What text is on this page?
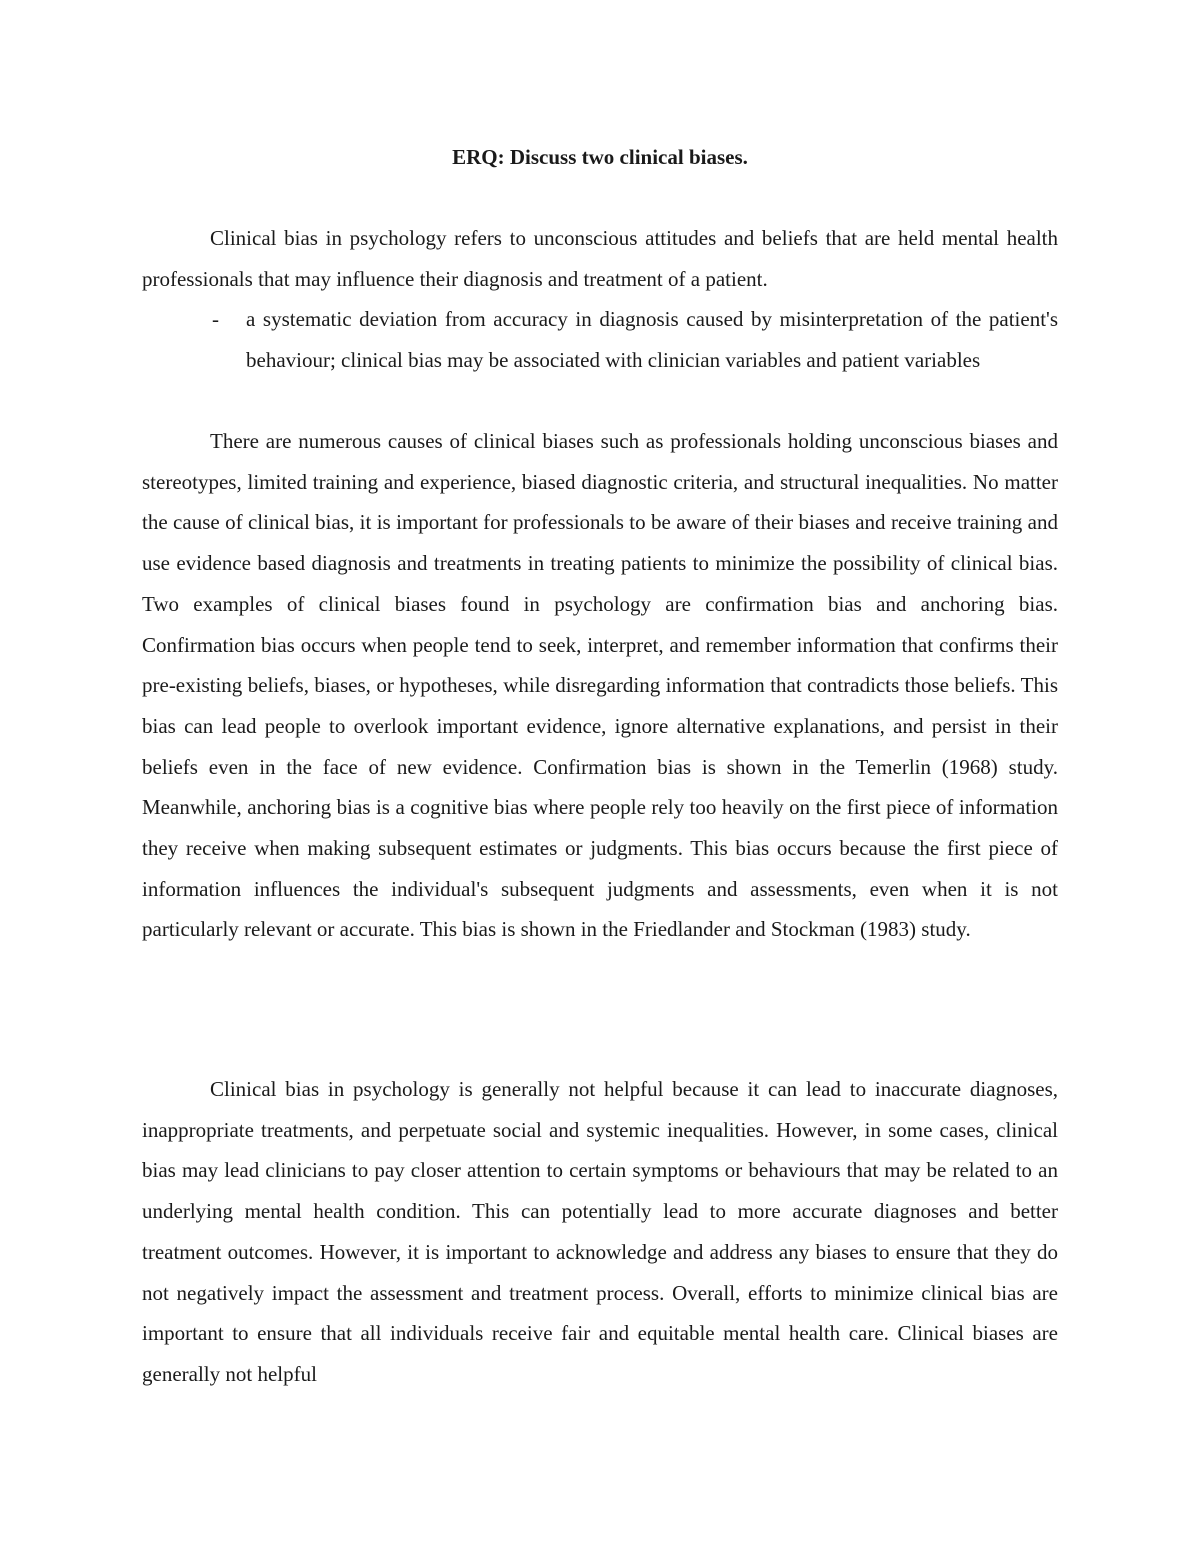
ERQ: Discuss two clinical biases.

Clinical bias in psychology refers to unconscious attitudes and beliefs that are held mental health professionals that may influence their diagnosis and treatment of a patient.

- a systematic deviation from accuracy in diagnosis caused by misinterpretation of the patient's behaviour; clinical bias may be associated with clinician variables and patient variables

There are numerous causes of clinical biases such as professionals holding unconscious biases and stereotypes, limited training and experience, biased diagnostic criteria, and structural inequalities. No matter the cause of clinical bias, it is important for professionals to be aware of their biases and receive training and use evidence based diagnosis and treatments in treating patients to minimize the possibility of clinical bias. Two examples of clinical biases found in psychology are confirmation bias and anchoring bias. Confirmation bias occurs when people tend to seek, interpret, and remember information that confirms their pre-existing beliefs, biases, or hypotheses, while disregarding information that contradicts those beliefs. This bias can lead people to overlook important evidence, ignore alternative explanations, and persist in their beliefs even in the face of new evidence. Confirmation bias is shown in the Temerlin (1968) study. Meanwhile, anchoring bias is a cognitive bias where people rely too heavily on the first piece of information they receive when making subsequent estimates or judgments. This bias occurs because the first piece of information influences the individual's subsequent judgments and assessments, even when it is not particularly relevant or accurate. This bias is shown in the Friedlander and Stockman (1983) study.

Clinical bias in psychology is generally not helpful because it can lead to inaccurate diagnoses, inappropriate treatments, and perpetuate social and systemic inequalities. However, in some cases, clinical bias may lead clinicians to pay closer attention to certain symptoms or behaviours that may be related to an underlying mental health condition. This can potentially lead to more accurate diagnoses and better treatment outcomes. However, it is important to acknowledge and address any biases to ensure that they do not negatively impact the assessment and treatment process. Overall, efforts to minimize clinical bias are important to ensure that all individuals receive fair and equitable mental health care. Clinical biases are generally not helpful
